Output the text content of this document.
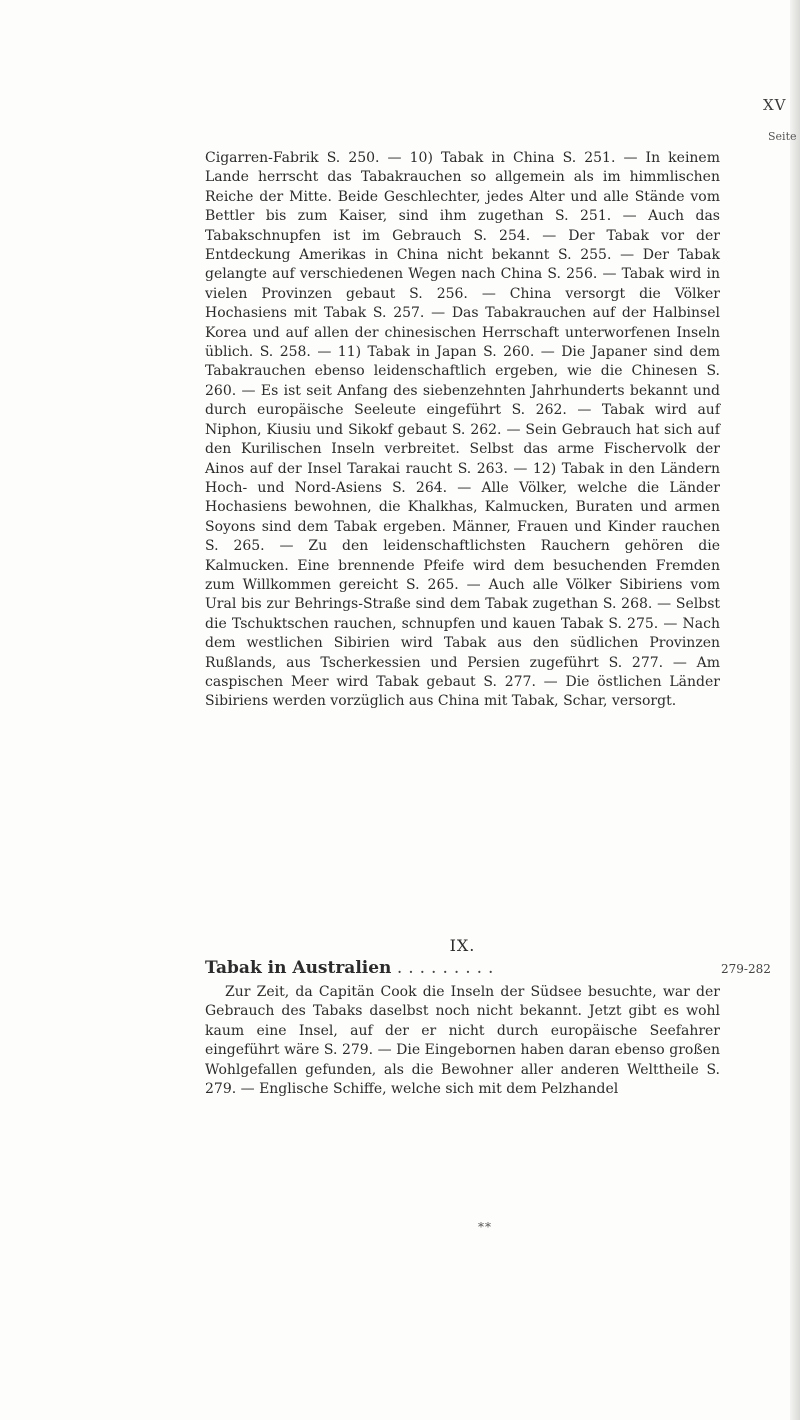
XV
Seite

Cigarren-Fabrik S. 250. — 10) Tabak in China S. 251. — In keinem Lande herrscht das Tabakrauchen so allgemein als im himmlischen Reiche der Mitte. Beide Geschlechter, jedes Alter und alle Stände vom Bettler bis zum Kaiser, sind ihm zugethan S. 251. — Auch das Tabakschnupfen ist im Gebrauch S. 254. — Der Tabak vor der Entdeckung Amerikas in China nicht bekannt S. 255. — Der Tabak gelangte auf verschiedenen Wegen nach China S. 256. — Tabak wird in vielen Provinzen gebaut S. 256. — China versorgt die Völker Hochasiens mit Tabak S. 257. — Das Tabakrauchen auf der Halbinsel Korea und auf allen der chinesischen Herrschaft unterworfenen Inseln üblich. S. 258. — 11) Tabak in Japan S. 260. — Die Japaner sind dem Tabakrauchen ebenso leidenschaftlich ergeben, wie die Chinesen S. 260. — Es ist seit Anfang des siebenzehnten Jahrhunderts bekannt und durch europäische Seeleute eingeführt S. 262. — Tabak wird auf Niphon, Kiusiu und Sikokf gebaut S. 262. — Sein Gebrauch hat sich auf den Kurilischen Inseln verbreitet. Selbst das arme Fischervolk der Ainos auf der Insel Tarakai raucht S. 263. — 12) Tabak in den Ländern Hoch- und Nord-Asiens S. 264. — Alle Völker, welche die Länder Hochasiens bewohnen, die Khalkhas, Kalmucken, Buraten und armen Soyons sind dem Tabak ergeben. Männer, Frauen und Kinder rauchen S. 265. — Zu den leidenschaftlichsten Rauchern gehören die Kalmucken. Eine brennende Pfeife wird dem besuchenden Fremden zum Willkommen gereicht S. 265. — Auch alle Völker Sibiriens vom Ural bis zur Behrings-Straße sind dem Tabak zugethan S. 268. — Selbst die Tschuktschen rauchen, schnupfen und kauen Tabak S. 275. — Nach dem westlichen Sibirien wird Tabak aus den südlichen Provinzen Rußlands, aus Tscherkessien und Persien zugeführt S. 277. — Am caspischen Meer wird Tabak gebaut S. 277. — Die östlichen Länder Sibiriens werden vorzüglich aus China mit Tabak, Schar, versorgt.

IX.
Tabak in Australien .........	279-282

Zur Zeit, da Capitän Cook die Inseln der Südsee besuchte, war der Gebrauch des Tabaks daselbst noch nicht bekannt. Jetzt gibt es wohl kaum eine Insel, auf der er nicht durch europäische Seefahrer eingeführt wäre S. 279. — Die Eingebornen haben daran ebenso großen Wohlgefallen gefunden, als die Bewohner aller anderen Welttheile S. 279. — Englische Schiffe, welche sich mit dem Pelzhandel

**
